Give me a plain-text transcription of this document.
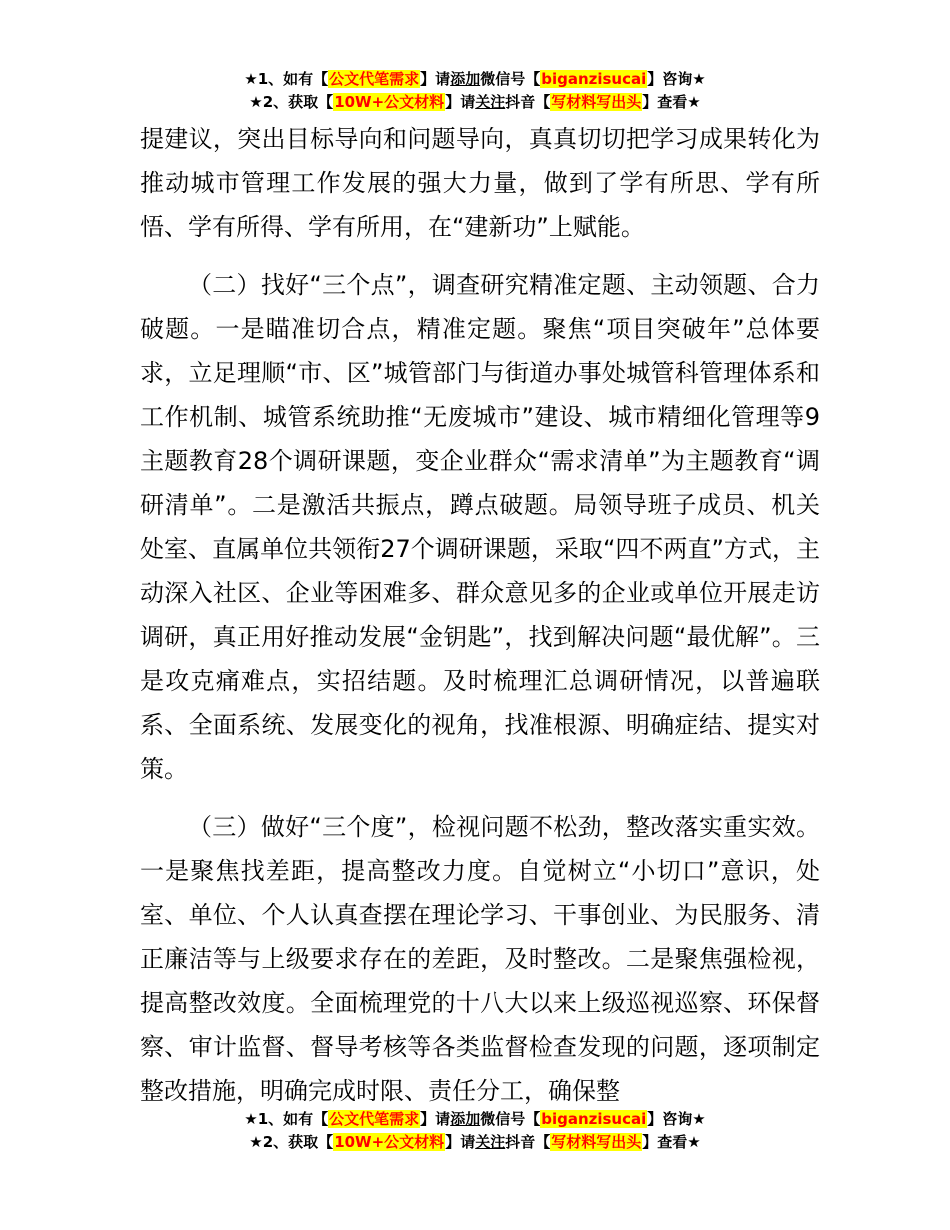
★1、如有【公文代笔需求】请添加微信号【biganzisucai】咨询★
★2、获取【10W+公文材料】请关注抖音【写材料写出头】查看★

提建议，突出目标导向和问题导向，真真切切把学习成果转化为推动城市管理工作发展的强大力量，做到了学有所思、学有所悟、学有所得、学有所用，在“建新功”上赋能。

（二）找好“三个点”，调查研究精准定题、主动领题、合力破题。一是瞄准切合点，精准定题。聚焦“项目突破年”总体要求，立足理顺“市、区”城管部门与街道办事处城管科管理体系和工作机制、城管系统助推“无废城市”建设、城市精细化管理等9主题教育28个调研课题，变企业群众“需求清单”为主题教育“调研清单”。二是激活共振点，蹲点破题。局领导班子成员、机关处室、直属单位共领衔27个调研课题，采取“四不两直”方式，主动深入社区、企业等困难多、群众意见多的企业或单位开展走访调研，真正用好推动发展“金钥匙”，找到解决问题“最优解”。三是攻克痛难点，实招结题。及时梳理汇总调研情况，以普遍联系、全面系统、发展变化的视角，找准根源、明确症结、提实对策。

（三）做好“三个度”，检视问题不松劲，整改落实重实效。一是聚焦找差距，提高整改力度。自觉树立“小切口”意识，处室、单位、个人认真查摆在理论学习、干事创业、为民服务、清正廉洁等与上级要求存在的差距，及时整改。二是聚焦强检视，提高整改效度。全面梳理党的十八大以来上级巡视巡察、环保督察、审计监督、督导考核等各类监督检查发现的问题，逐项制定整改措施，明确完成时限、责任分工，确保整

★1、如有【公文代笔需求】请添加微信号【biganzisucai】咨询★
★2、获取【10W+公文材料】请关注抖音【写材料写出头】查看★
